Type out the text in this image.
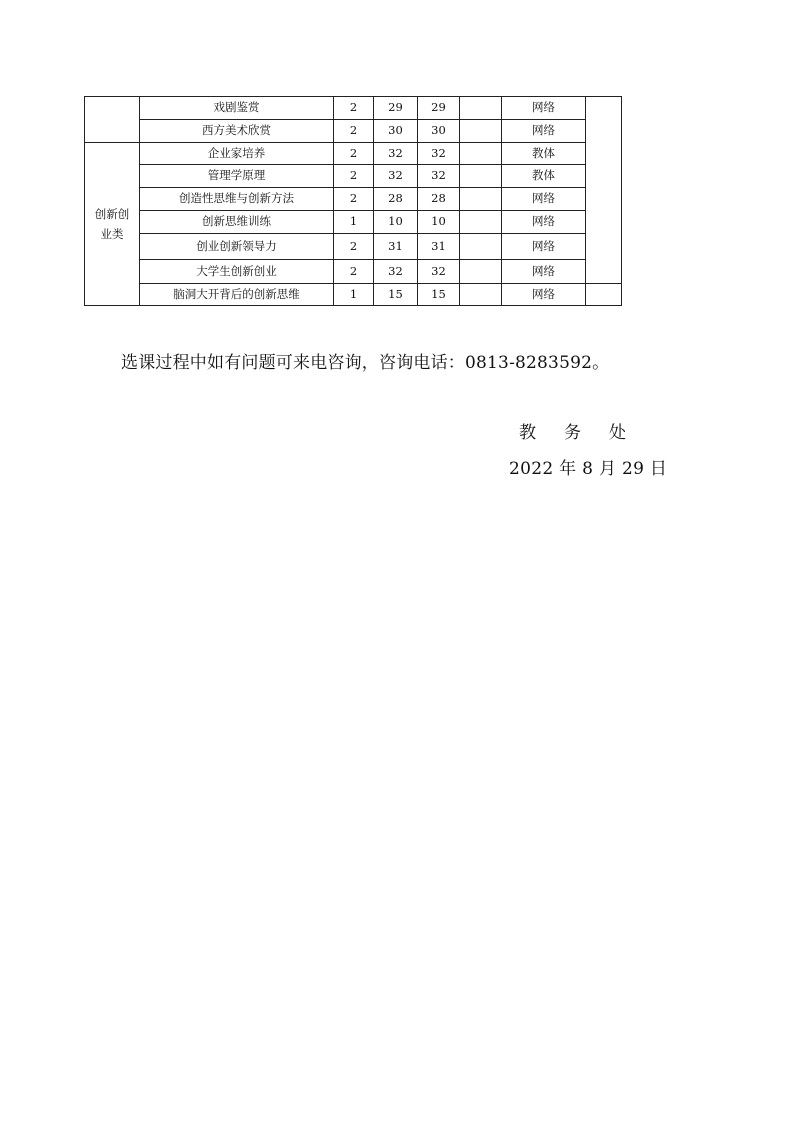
	戏剧鉴赏	2	29	29		网络	
	西方美术欣赏	2	30	30		网络	

创新创业类	企业家培养	2	32	32		教体	
	管理学原理	2	32	32		教体	
	创造性思维与创新方法	2	28	28		网络	
	创新思维训练	1	10	10		网络	
	创业创新领导力	2	31	31		网络	
	大学生创新创业	2	32	32		网络	
	脑洞大开背后的创新思维	1	15	15		网络	
选课过程中如有问题可来电咨询，咨询电话：0813-8283592。
教务处
2022 年 8 月 29 日
